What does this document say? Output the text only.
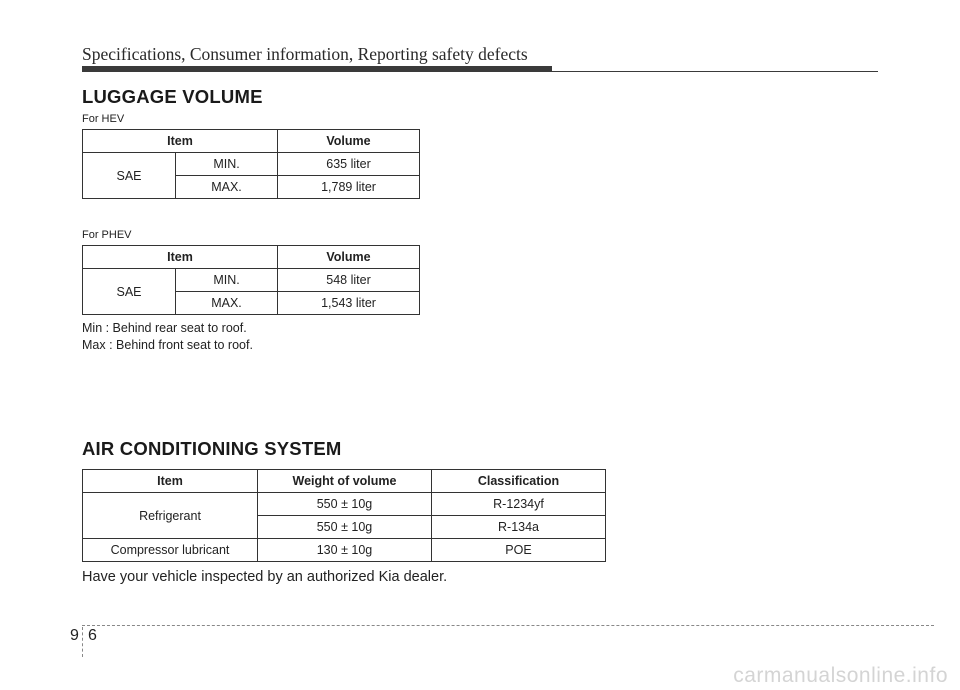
Specifications, Consumer information, Reporting safety defects
LUGGAGE VOLUME
For HEV
Item		Volume
SAE	MIN.	635 liter
	MAX.	1,789 liter
For PHEV
Item		Volume
SAE	MIN.	548 liter
	MAX.	1,543 liter
Min : Behind rear seat to roof.
Max : Behind front seat to roof.
AIR CONDITIONING SYSTEM
Item	Weight of volume	Classification
Refrigerant	550 ± 10g	R-1234yf
	550 ± 10g	R-134a
Compressor lubricant	130 ± 10g	POE
Have your vehicle inspected by an authorized Kia dealer.
9 6
carmanualsonline.info
